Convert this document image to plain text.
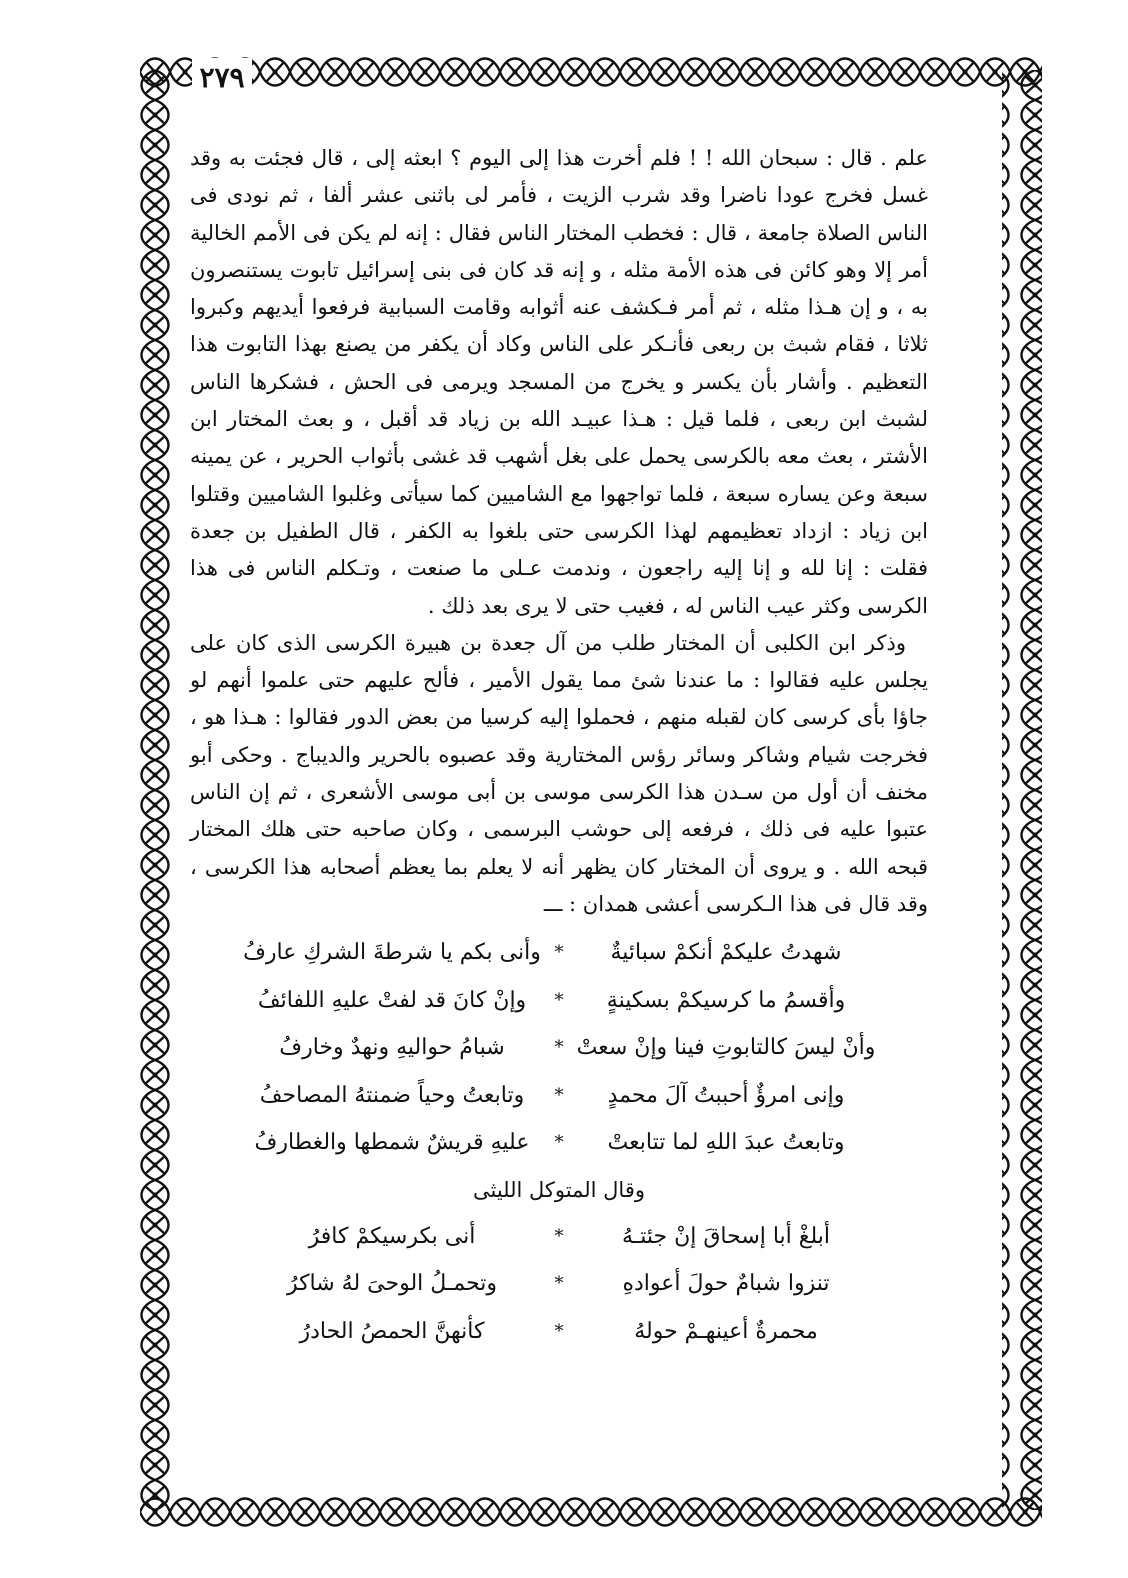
٢٧٩

علم . قال : سبحان الله ! ! فلم أخرت هذا إلى اليوم ؟ ابعثه إلى ، قال فجئت به وقد غسل فخرج عودا ناضرا وقد شرب الزيت ، فأمر لى باثنى عشر ألفا ، ثم نودى فى الناس الصلاة جامعة ، قال : فخطب المختار الناس فقال : إنه لم يكن فى الأمم الخالية أمر إلا وهو كائن فى هذه الأمة مثله ، و إنه قد كان فى بنى إسرائيل تابوت يستنصرون به ، و إن هـذا مثله ، ثم أمر فـكشف عنه أثوابه وقامت السبابية فرفعوا أيديهم وكبروا ثلاثا ، فقام شبث بن ربعى فأنـكر على الناس وكاد أن يكفر من يصنع بهذا التابوت هذا التعظيم . وأشار بأن يكسر و يخرج من المسجد ويرمى فى الحش ، فشكرها الناس لشبث ابن ربعى ، فلما قيل : هـذا عبيـد الله بن زياد قد أقبل ، و بعث المختار ابن الأشتر ، بعث معه بالكرسى يحمل على بغل أشهب قد غشى بأثواب الحرير ، عن يمينه سبعة وعن يساره سبعة ، فلما تواجهوا مع الشاميين كما سيأتى وغلبوا الشاميين وقتلوا ابن زياد : ازداد تعظيمهم لهذا الكرسى حتى بلغوا به الكفر ، قال الطفيل بن جعدة فقلت : إنا لله و إنا إليه راجعون ، وندمت عـلى ما صنعت ، وتـكلم الناس فى هذا الكرسى وكثر عيب الناس له ، فغيب حتى لا يرى بعد ذلك .

وذكر ابن الكلبى أن المختار طلب من آل جعدة بن هبيرة الكرسى الذى كان على يجلس عليه فقالوا : ما عندنا شئ مما يقول الأمير ، فألح عليهم حتى علموا أنهم لو جاؤا بأى كرسى كان لقبله منهم ، فحملوا إليه كرسيا من بعض الدور فقالوا : هـذا هو ، فخرجت شيام وشاكر وسائر رؤس المختارية وقد عصبوه بالحرير والديباج . وحكى أبو مخنف أن أول من سـدن هذا الكرسى موسى بن أبى موسى الأشعرى ، ثم إن الناس عتبوا عليه فى ذلك ، فرفعه إلى حوشب البرسمى ، وكان صاحبه حتى هلك المختار قبحه الله . و يروى أن المختار كان يظهر أنه لا يعلم بما يعظم أصحابه هذا الكرسى ، وقد قال فى هذا الـكرسى أعشى همدان : ـــ

شهدتُ عليكمْ أنكمْ سبائيةٌ
*
وأنى بكم يا شرطةَ الشركِ عارفُ
وأقسمُ ما كرسيكمْ بسكينةٍ
*
وإنْ كانَ قد لفتْ عليهِ اللفائفُ
وأنْ ليسَ كالتابوتِ فينا وإنْ سعتْ
*
شبامُ حواليهِ ونهدٌ وخارفُ
وإنى امرؤٌ أحببتُ آلَ محمدٍ
*
وتابعتُ وحياً ضمنتهُ المصاحفُ
وتابعتُ عبدَ اللهِ لما تتابعتْ
*
عليهِ قريشٌ شمطها والغطارفُ
وقال المتوكل الليثى
أبلغْ أبا إسحاقَ إنْ جئتـهُ
*
أنى بكرسيكمْ كافرُ
تنزوا شبامٌ حولَ أعوادهِ
*
وتحمـلُ الوحىَ لهُ شاكرُ
محمرةٌ أعينهـمْ حولهُ
*
كأنهنَّ الحمصُ الحادرُ
